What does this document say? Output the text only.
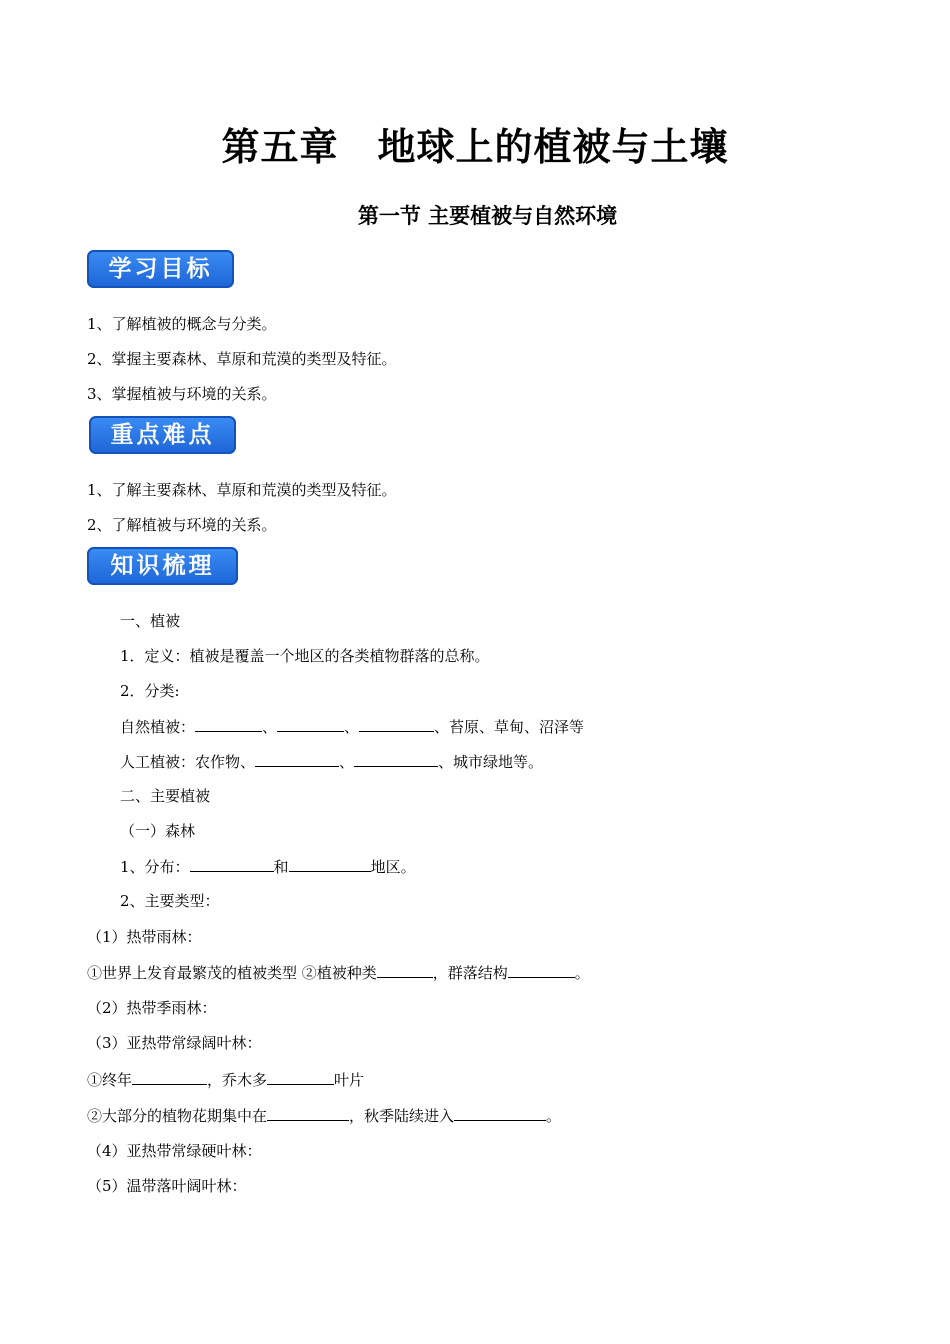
第五章　地球上的植被与土壤
第一节 主要植被与自然环境
学习目标
1、了解植被的概念与分类。
2、掌握主要森林、草原和荒漠的类型及特征。
3、掌握植被与环境的关系。
重点难点
1、了解主要森林、草原和荒漠的类型及特征。
2、了解植被与环境的关系。
知识梳理
一、植被
1．定义：植被是覆盖一个地区的各类植物群落的总称。
2．分类:
自然植被：	、	、	、苔原、草甸、沼泽等
人工植被：农作物、	、	、城市绿地等。
二、主要植被
（一）森林
1、分布：	和	地区。
2、主要类型：
（1）热带雨林：
①世界上发育最繁茂的植被类型 ②植被种类	，群落结构	。
（2）热带季雨林：
（3）亚热带常绿阔叶林：
①终年	，乔木多	叶片
②大部分的植物花期集中在	，秋季陆续进入	。
（4）亚热带常绿硬叶林：
（5）温带落叶阔叶林：
